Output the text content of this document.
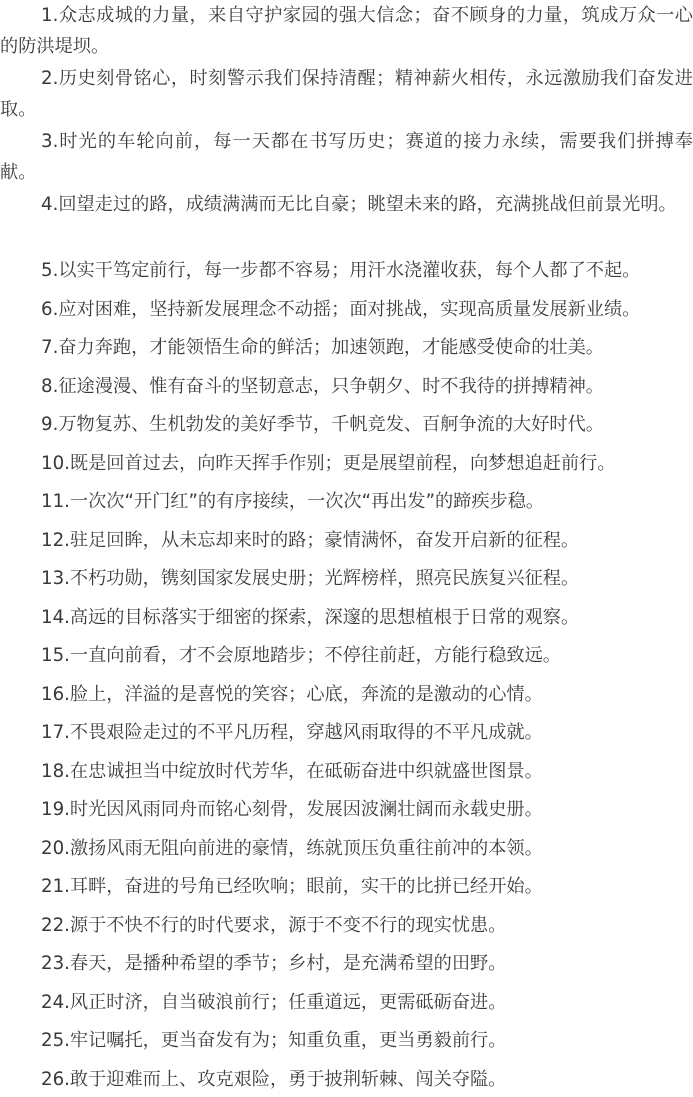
1.众志成城的力量，来自守护家园的强大信念；奋不顾身的力量，筑成万众一心的防洪堤坝。

2.历史刻骨铭心，时刻警示我们保持清醒；精神薪火相传，永远激励我们奋发进取。

3.时光的车轮向前，每一天都在书写历史；赛道的接力永续，需要我们拼搏奉献。

4.回望走过的路，成绩满满而无比自豪；眺望未来的路，充满挑战但前景光明。

5.以实干笃定前行，每一步都不容易；用汗水浇灌收获，每个人都了不起。

6.应对困难，坚持新发展理念不动摇；面对挑战，实现高质量发展新业绩。

7.奋力奔跑，才能领悟生命的鲜活；加速领跑，才能感受使命的壮美。

8.征途漫漫、惟有奋斗的坚韧意志，只争朝夕、时不我待的拼搏精神。

9.万物复苏、生机勃发的美好季节，千帆竞发、百舸争流的大好时代。

10.既是回首过去，向昨天挥手作别；更是展望前程，向梦想追赶前行。

11.一次次“开门红”的有序接续，一次次“再出发”的蹄疾步稳。

12.驻足回眸，从未忘却来时的路；豪情满怀，奋发开启新的征程。

13.不朽功勋，镌刻国家发展史册；光辉榜样，照亮民族复兴征程。

14.高远的目标落实于细密的探索，深邃的思想植根于日常的观察。

15.一直向前看，才不会原地踏步；不停往前赶，方能行稳致远。

16.脸上，洋溢的是喜悦的笑容；心底，奔流的是激动的心情。

17.不畏艰险走过的不平凡历程，穿越风雨取得的不平凡成就。

18.在忠诚担当中绽放时代芳华，在砥砺奋进中织就盛世图景。

19.时光因风雨同舟而铭心刻骨，发展因波澜壮阔而永载史册。

20.激扬风雨无阻向前进的豪情，练就顶压负重往前冲的本领。

21.耳畔，奋进的号角已经吹响；眼前，实干的比拼已经开始。

22.源于不快不行的时代要求，源于不变不行的现实忧患。

23.春天，是播种希望的季节；乡村，是充满希望的田野。

24.风正时济，自当破浪前行；任重道远，更需砥砺奋进。

25.牢记嘱托，更当奋发有为；知重负重，更当勇毅前行。

26.敢于迎难而上、攻克艰险，勇于披荆斩棘、闯关夺隘。
